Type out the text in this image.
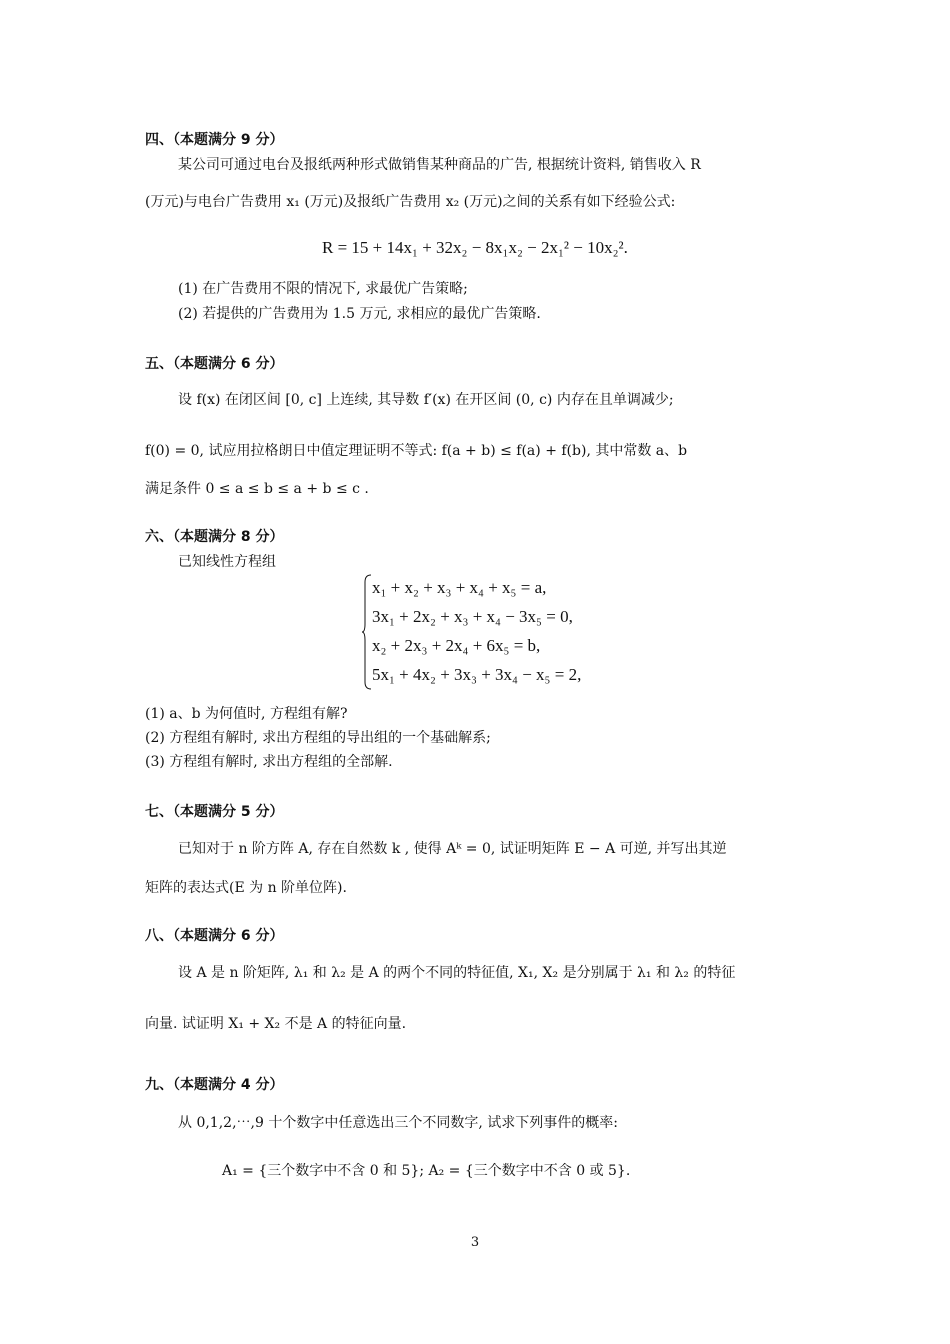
四、（本题满分 9 分）
某公司可通过电台及报纸两种形式做销售某种商品的广告, 根据统计资料, 销售收入 R
(万元)与电台广告费用 x₁ (万元)及报纸广告费用 x₂ (万元)之间的关系有如下经验公式:
R = 15 + 14x₁ + 32x₂ − 8x₁x₂ − 2x₁² − 10x₂².
(1) 在广告费用不限的情况下, 求最优广告策略;
(2) 若提供的广告费用为 1.5 万元, 求相应的最优广告策略.
五、（本题满分 6 分）
设 f(x) 在闭区间 [0, c] 上连续, 其导数 f′(x) 在开区间 (0, c) 内存在且单调减少;
f(0) = 0, 试应用拉格朗日中值定理证明不等式: f(a + b) ≤ f(a) + f(b), 其中常数 a、b
满足条件 0 ≤ a ≤ b ≤ a + b ≤ c .
六、（本题满分 8 分）
已知线性方程组
x₁ + x₂ + x₃ + x₄ + x₅ = a,
3x₁ + 2x₂ + x₃ + x₄ − 3x₅ = 0,
x₂ + 2x₃ + 2x₄ + 6x₅ = b,
5x₁ + 4x₂ + 3x₃ + 3x₄ − x₅ = 2,
(1) a、b 为何值时, 方程组有解?
(2) 方程组有解时, 求出方程组的导出组的一个基础解系;
(3) 方程组有解时, 求出方程组的全部解.
七、（本题满分 5 分）
已知对于 n 阶方阵 A, 存在自然数 k , 使得 Aᵏ = 0, 试证明矩阵 E − A 可逆, 并写出其逆
矩阵的表达式(E 为 n 阶单位阵).
八、（本题满分 6 分）
设 A 是 n 阶矩阵, λ₁ 和 λ₂ 是 A 的两个不同的特征值, X₁, X₂ 是分别属于 λ₁ 和 λ₂ 的特征
向量. 试证明 X₁ + X₂ 不是 A 的特征向量.
九、（本题满分 4 分）
从 0,1,2,⋯,9 十个数字中任意选出三个不同数字, 试求下列事件的概率:
A₁ = {三个数字中不含 0 和 5}; A₂ = {三个数字中不含 0 或 5}.
3
